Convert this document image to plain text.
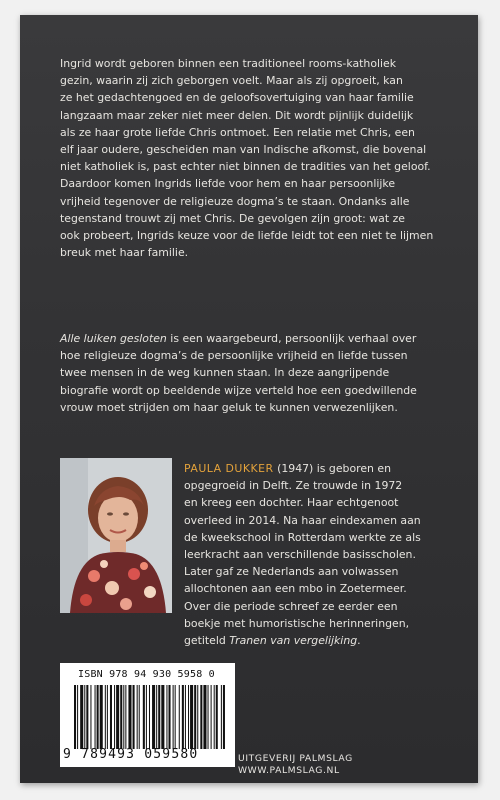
Ingrid wordt geboren binnen een traditioneel rooms-katholiek
gezin, waarin zij zich geborgen voelt. Maar als zij opgroeit, kan
ze het gedachtengoed en de geloofsovertuiging van haar familie
langzaam maar zeker niet meer delen. Dit wordt pijnlijk duidelijk
als ze haar grote liefde Chris ontmoet. Een relatie met Chris, een
elf jaar oudere, gescheiden man van Indische afkomst, die bovenal
niet katholiek is, past echter niet binnen de tradities van het geloof.
Daardoor komen Ingrids liefde voor hem en haar persoonlijke
vrijheid tegenover de religieuze dogma’s te staan. Ondanks alle
tegenstand trouwt zij met Chris. De gevolgen zijn groot: wat ze
ook probeert, Ingrids keuze voor de liefde leidt tot een niet te lijmen
breuk met haar familie.
Alle luiken gesloten is een waargebeurd, persoonlijk verhaal over
hoe religieuze dogma’s de persoonlijke vrijheid en liefde tussen
twee mensen in de weg kunnen staan. In deze aangrijpende
biografie wordt op beeldende wijze verteld hoe een goedwillende
vrouw moet strijden om haar geluk te kunnen verwezenlijken.
PAULA DUKKER (1947) is geboren en
opgegroeid in Delft. Ze trouwde in 1972
en kreeg een dochter. Haar echtgenoot
overleed in 2014. Na haar eindexamen aan
de kweekschool in Rotterdam werkte ze als
leerkracht aan verschillende basisscholen.
Later gaf ze Nederlands aan volwassen
allochtonen aan een mbo in Zoetermeer.
Over die periode schreef ze eerder een
boekje met humoristische herinneringen,
getiteld Tranen van vergelijking.
ISBN 978 94 930 5958 0
9 789493 059580	UITGEVERIJ PALMSLAG
WWW.PALMSLAG.NL
